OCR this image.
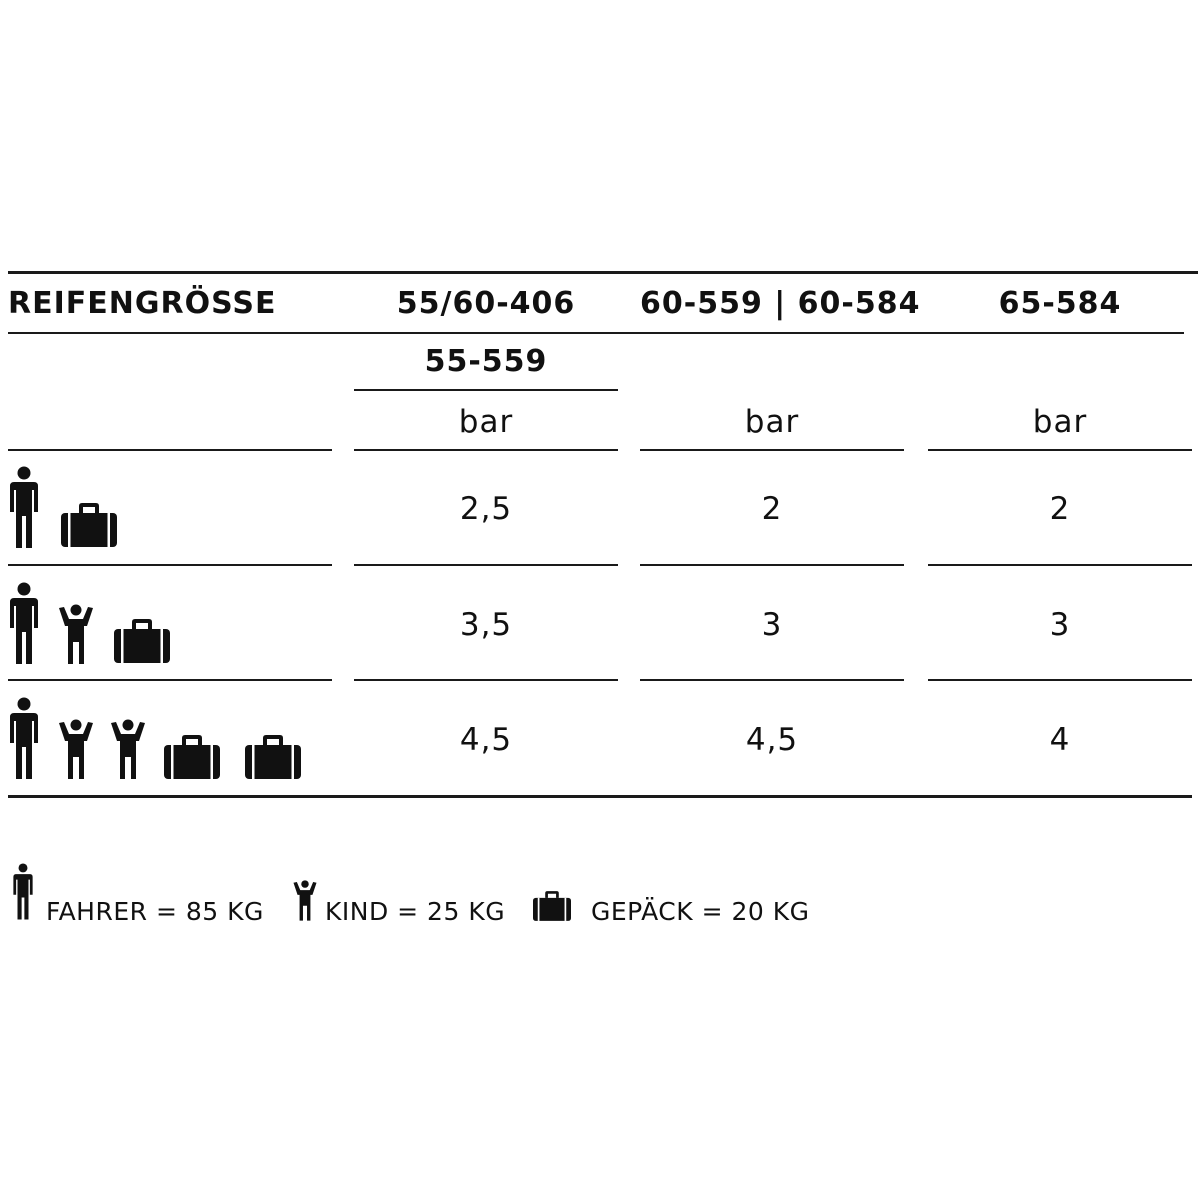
REIFENGRÖSSE	55/60-406	60-559 | 60-584	65-584
55-559
bar	bar	bar
2,5	2	2
3,5	3	3
4,5	4,5	4
FAHRER = 85 KG KIND = 25 KG	GEPÄCK = 20 KG
